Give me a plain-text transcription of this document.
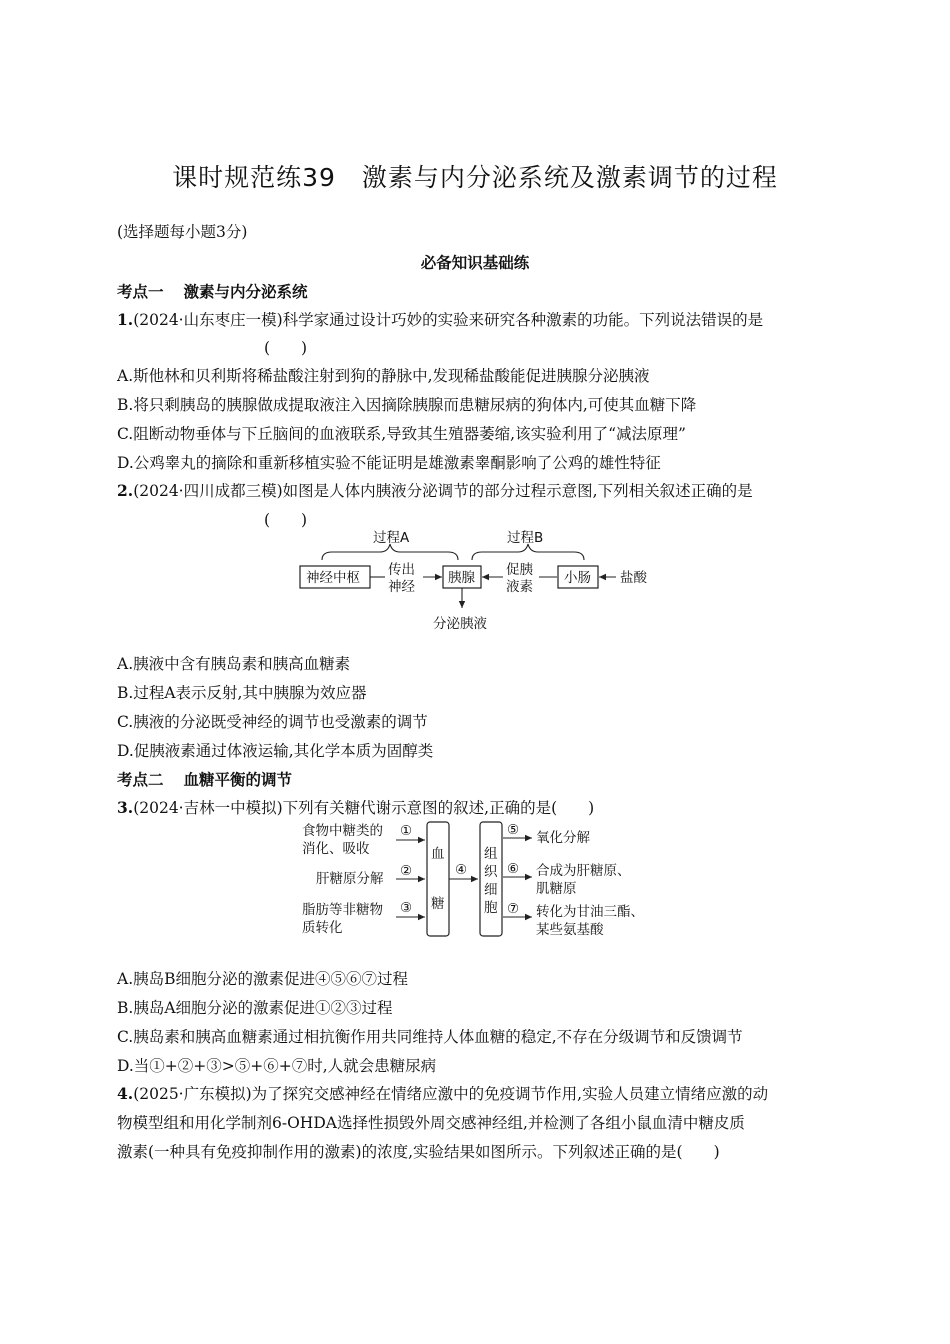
课时规范练39　激素与内分泌系统及激素调节的过程
(选择题每小题3分)
必备知识基础练
考点一 激素与内分泌系统
1.(2024·山东枣庄一模)科学家通过设计巧妙的实验来研究各种激素的功能。下列说法错误的是
(　　)
A.斯他林和贝利斯将稀盐酸注射到狗的静脉中,发现稀盐酸能促进胰腺分泌胰液
B.将只剩胰岛的胰腺做成提取液注入因摘除胰腺而患糖尿病的狗体内,可使其血糖下降
C.阻断动物垂体与下丘脑间的血液联系,导致其生殖器萎缩,该实验利用了“减法原理”
D.公鸡睾丸的摘除和重新移植实验不能证明是雄激素睾酮影响了公鸡的雄性特征
2.(2024·四川成都三模)如图是人体内胰液分泌调节的部分过程示意图,下列相关叙述正确的是
(　　)
过程A	过程B
神经中枢 传出
神经
胰腺 促胰
液素
小肠 盐酸
分泌胰液
A.胰液中含有胰岛素和胰高血糖素
B.过程A表示反射,其中胰腺为效应器
C.胰液的分泌既受神经的调节也受激素的调节
D.促胰液素通过体液运输,其化学本质为固醇类
考点二 血糖平衡的调节
3.(2024·吉林一中模拟)下列有关糖代谢示意图的叙述,正确的是(　　)
食物中糖类的
消化、吸收
①
肝糖原分解 ②
脂肪等非糖物
质转化
③
血
糖
④
组
织
细
胞
⑤ 氧化分解
⑥ 合成为肝糖原、
肌糖原
⑦ 转化为甘油三酯、
某些氨基酸
A.胰岛B细胞分泌的激素促进④⑤⑥⑦过程
B.胰岛A细胞分泌的激素促进①②③过程
C.胰岛素和胰高血糖素通过相抗衡作用共同维持人体血糖的稳定,不存在分级调节和反馈调节
D.当①+②+③>⑤+⑥+⑦时,人就会患糖尿病
4.(2025·广东模拟)为了探究交感神经在情绪应激中的免疫调节作用,实验人员建立情绪应激的动
物模型组和用化学制剂6-OHDA选择性损毁外周交感神经组,并检测了各组小鼠血清中糖皮质
激素(一种具有免疫抑制作用的激素)的浓度,实验结果如图所示。下列叙述正确的是(　　)
